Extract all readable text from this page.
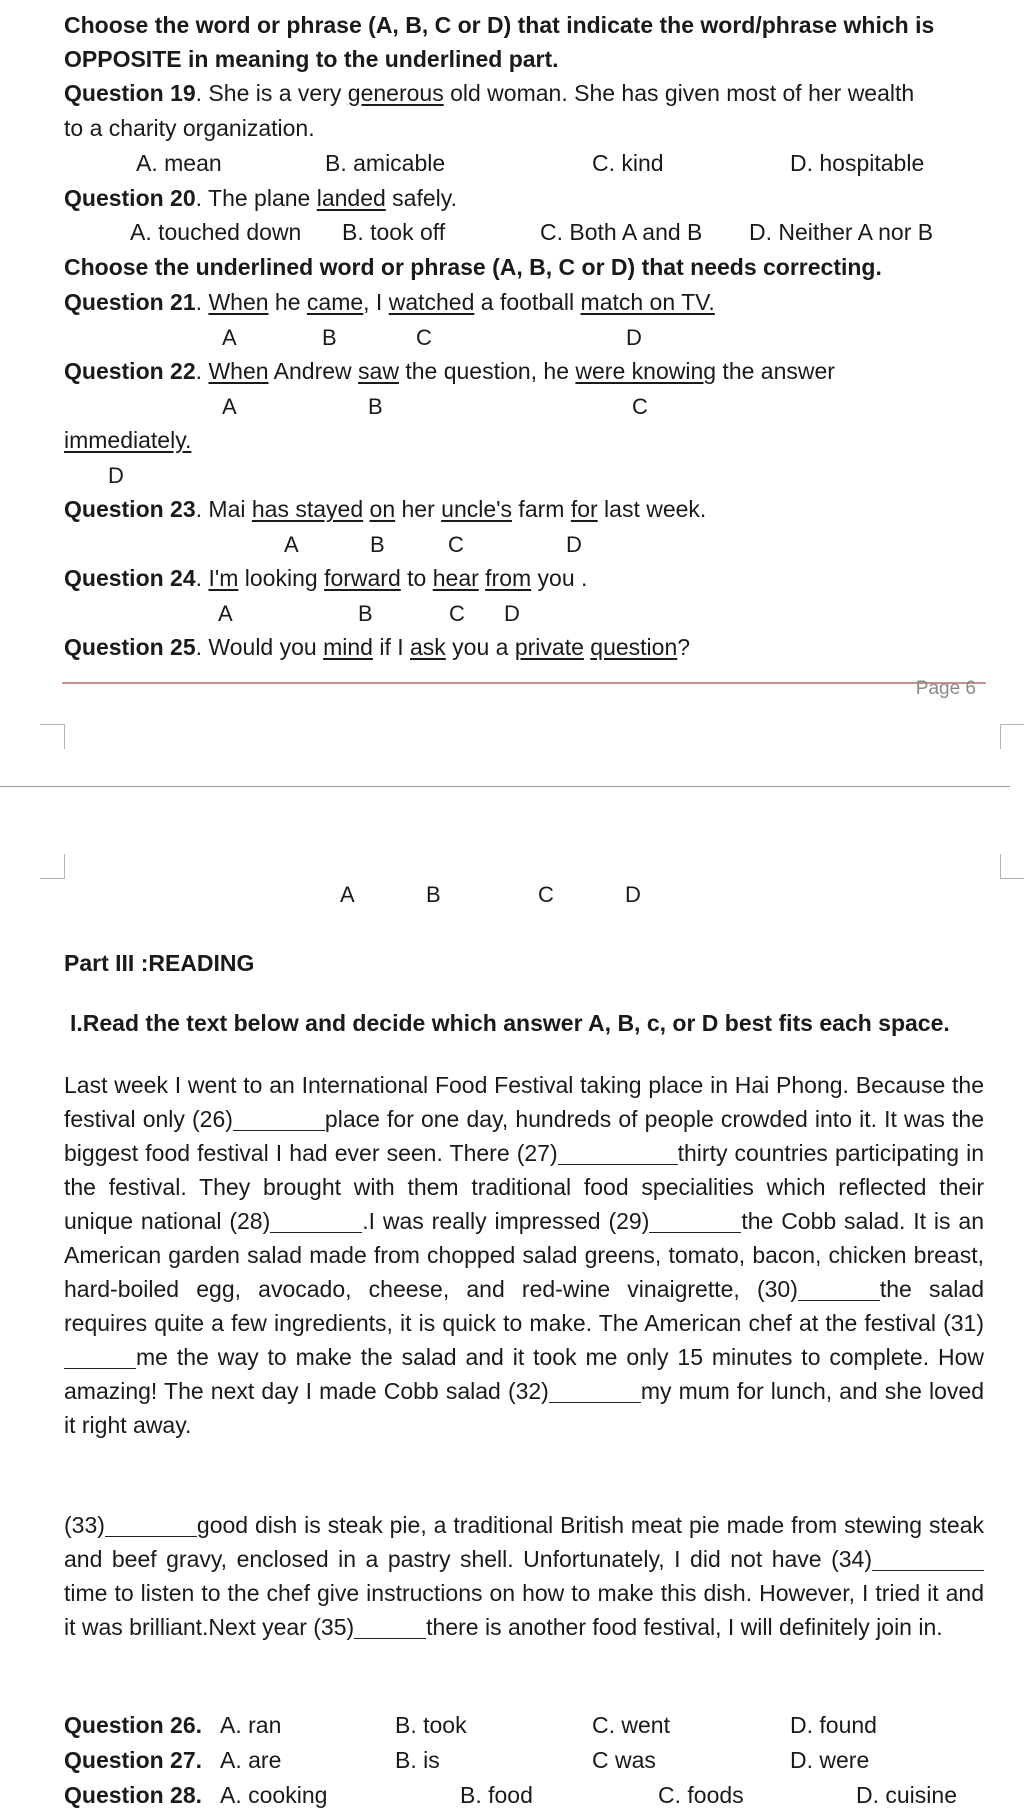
Choose the word or phrase (A, B, C or D) that indicate the word/phrase which is
OPPOSITE in meaning to the underlined part.
Question 19. She is a very generous old woman. She has given most of her wealth
to a charity organization.
A. mean	B. amicable	C. kind	D. hospitable
Question 20. The plane landed safely.
A. touched down B. took off	C. Both A and B D. Neither A nor B
Choose the underlined word or phrase (A, B, C or D) that needs correcting.
Question 21. When he came, I watched a football match on TV.
A	B	C	D
Question 22. When Andrew saw the question, he were knowing the answer
A	B	C
immediately.
D
Question 23. Mai has stayed on her uncle's farm for last week.
A	B	C	D
Question 24. I'm looking forward to hear from you .
A	B	C D
Question 25. Would you mind if I ask you a private question?
Page 6
A	B	C	D
Part III :READING
I.Read the text below and decide which answer A, B, c, or D best fits each space.

Last week I went to an International Food Festival taking place in Hai Phong. Because the festival only (26)	place for one day, hundreds of people crowded into it. It was the biggest food festival I had ever seen. There (27)	thirty countries participating in the festival. They brought with them traditional food specialities which reflected their unique national (28)	.I was really impressed (29)	the Cobb salad. It is an American garden salad made from chopped salad greens, tomato, bacon, chicken breast, hard-boiled egg, avocado, cheese, and red-wine vinaigrette, (30)	the salad requires quite a few ingredients, it is quick to make. The American chef at the festival (31)me the way to make the salad and it took me only 15 minutes to complete. How amazing! The next day I made Cobb salad (32)	my mum for lunch, and she loved it right away.

(33)	good dish is steak pie, a traditional British meat pie made from stewing steak and beef gravy, enclosed in a pastry shell. Unfortunately, I did not have (34)time to listen to the chef give instructions on how to make this dish. However, I tried it and it was brilliant.Next year (35)	there is another food festival, I will definitely join in.

Question 26. A. ran	B. took	C. went	D. found
Question 27. A. are	B. is	C was	D. were
Question 28. A. cooking	B. food	C. foods	D. cuisine
